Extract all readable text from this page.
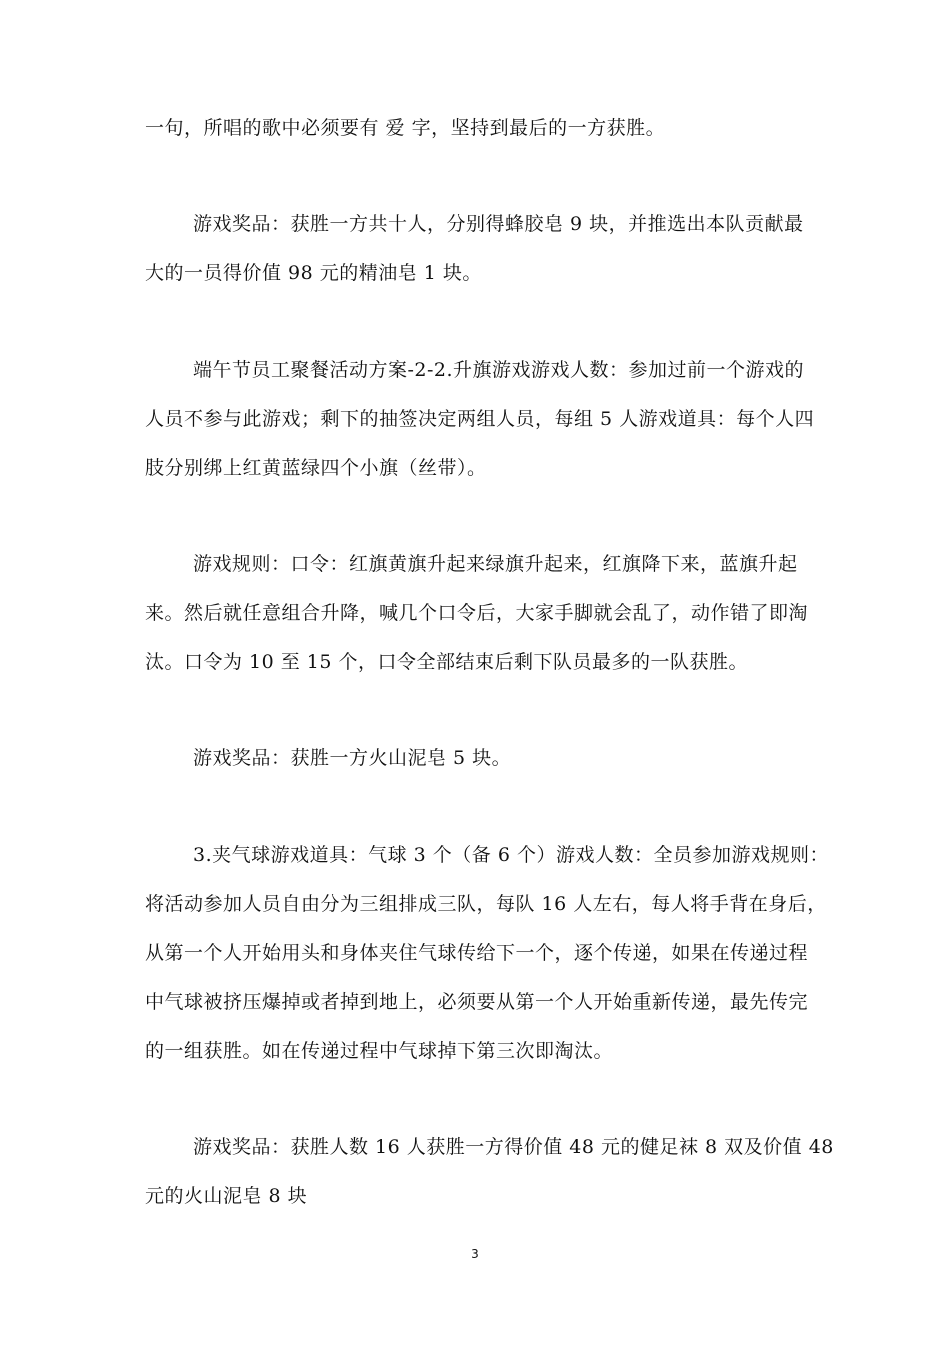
一句，所唱的歌中必须要有 爱 字，坚持到最后的一方获胜。
游戏奖品：获胜一方共十人，分别得蜂胶皂 9 块，并推选出本队贡献最
大的一员得价值 98 元的精油皂 1 块。
端午节员工聚餐活动方案-2-2.升旗游戏游戏人数：参加过前一个游戏的
人员不参与此游戏；剩下的抽签决定两组人员，每组 5 人游戏道具：每个人四
肢分别绑上红黄蓝绿四个小旗（丝带）。
游戏规则：口令：红旗黄旗升起来绿旗升起来，红旗降下来，蓝旗升起
来。然后就任意组合升降，喊几个口令后，大家手脚就会乱了，动作错了即淘
汰。口令为 10 至 15 个，口令全部结束后剩下队员最多的一队获胜。
游戏奖品：获胜一方火山泥皂 5 块。
3.夹气球游戏道具：气球 3 个（备 6 个）游戏人数：全员参加游戏规则：
将活动参加人员自由分为三组排成三队，每队 16 人左右，每人将手背在身后，
从第一个人开始用头和身体夹住气球传给下一个，逐个传递，如果在传递过程
中气球被挤压爆掉或者掉到地上，必须要从第一个人开始重新传递，最先传完
的一组获胜。如在传递过程中气球掉下第三次即淘汰。
游戏奖品：获胜人数 16 人获胜一方得价值 48 元的健足袜 8 双及价值 48
元的火山泥皂 8 块
3
